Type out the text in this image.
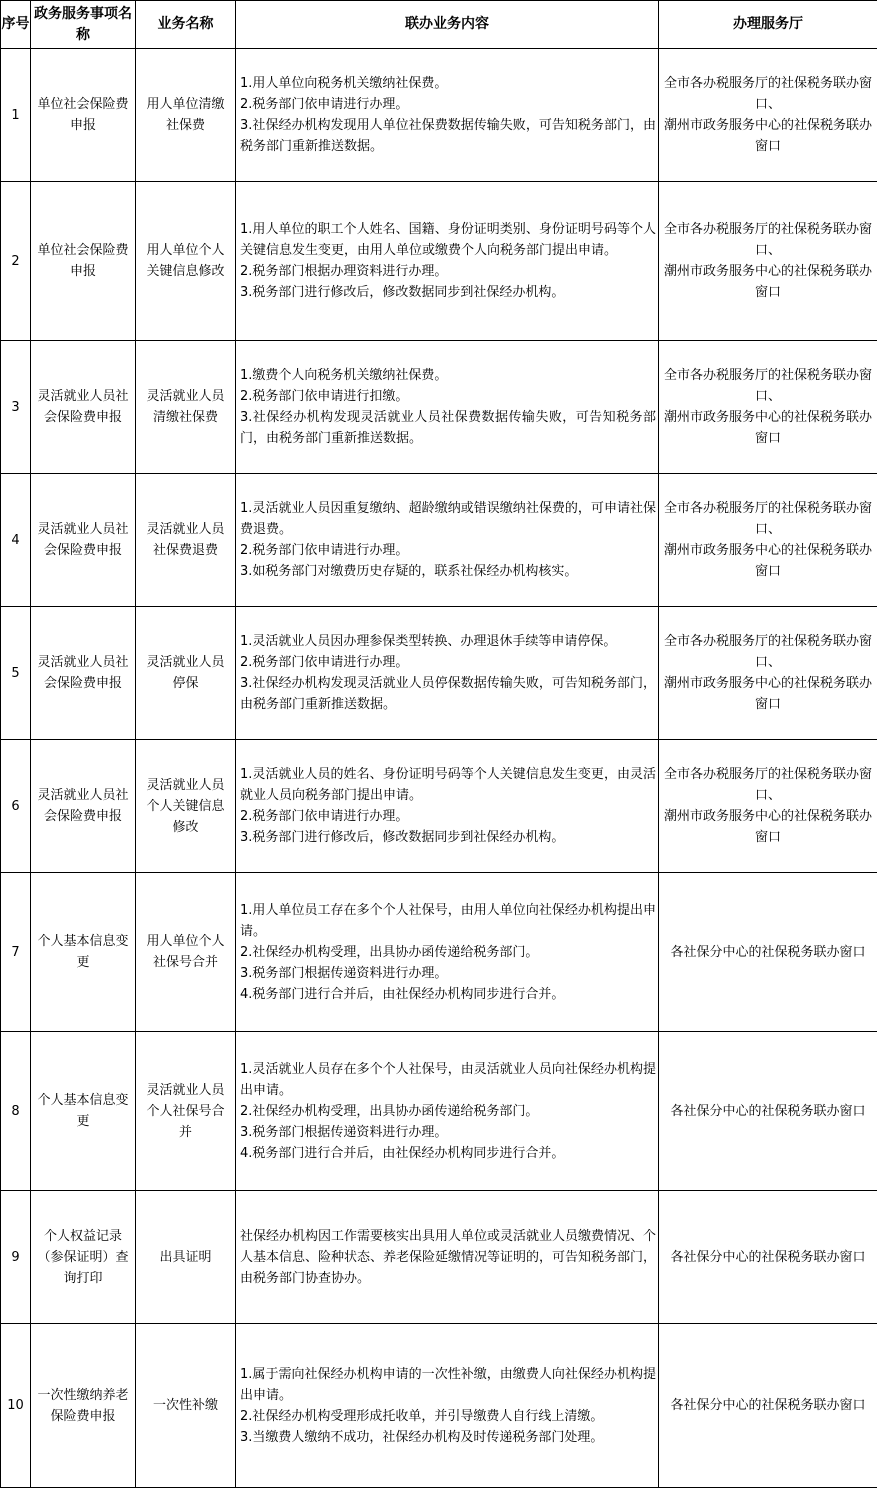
序号	政务服务事项名称	业务名称	联办业务内容	办理服务厅
1	单位社会保险费申报	用人单位清缴社保费	1.用人单位向税务机关缴纳社保费。
2.税务部门依申请进行办理。
3.社保经办机构发现用人单位社保费数据传输失败，可告知税务部门，由税务部门重新推送数据。	全市各办税服务厅的社保税务联办窗口、
潮州市政务服务中心的社保税务联办窗口

2	单位社会保险费申报	用人单位个人关键信息修改	1.用人单位的职工个人姓名、国籍、身份证明类别、身份证明号码等个人关键信息发生变更，由用人单位或缴费个人向税务部门提出申请。
2.税务部门根据办理资料进行办理。
3.税务部门进行修改后，修改数据同步到社保经办机构。	全市各办税服务厅的社保税务联办窗口、
潮州市政务服务中心的社保税务联办窗口

3	灵活就业人员社会保险费申报	灵活就业人员清缴社保费	1.缴费个人向税务机关缴纳社保费。
2.税务部门依申请进行扣缴。
3.社保经办机构发现灵活就业人员社保费数据传输失败，可告知税务部门，由税务部门重新推送数据。	全市各办税服务厅的社保税务联办窗口、
潮州市政务服务中心的社保税务联办窗口

4	灵活就业人员社会保险费申报	灵活就业人员社保费退费	1.灵活就业人员因重复缴纳、超龄缴纳或错误缴纳社保费的，可申请社保费退费。
2.税务部门依申请进行办理。
3.如税务部门对缴费历史存疑的，联系社保经办机构核实。	全市各办税服务厅的社保税务联办窗口、
潮州市政务服务中心的社保税务联办窗口

5	灵活就业人员社会保险费申报	灵活就业人员停保	1.灵活就业人员因办理参保类型转换、办理退休手续等申请停保。
2.税务部门依申请进行办理。
3.社保经办机构发现灵活就业人员停保数据传输失败，可告知税务部门，由税务部门重新推送数据。	全市各办税服务厅的社保税务联办窗口、
潮州市政务服务中心的社保税务联办窗口

6	灵活就业人员社会保险费申报	灵活就业人员个人关键信息修改	1.灵活就业人员的姓名、身份证明号码等个人关键信息发生变更，由灵活就业人员向税务部门提出申请。
2.税务部门依申请进行办理。
3.税务部门进行修改后，修改数据同步到社保经办机构。	全市各办税服务厅的社保税务联办窗口、
潮州市政务服务中心的社保税务联办窗口

7	个人基本信息变更	用人单位个人社保号合并	1.用人单位员工存在多个个人社保号，由用人单位向社保经办机构提出申请。
2.社保经办机构受理，出具协办函传递给税务部门。
3.税务部门根据传递资料进行办理。
4.税务部门进行合并后，由社保经办机构同步进行合并。	各社保分中心的社保税务联办窗口

8	个人基本信息变更	灵活就业人员个人社保号合并	1.灵活就业人员存在多个个人社保号，由灵活就业人员向社保经办机构提出申请。
2.社保经办机构受理，出具协办函传递给税务部门。
3.税务部门根据传递资料进行办理。
4.税务部门进行合并后，由社保经办机构同步进行合并。	各社保分中心的社保税务联办窗口

9	个人权益记录（参保证明）查询打印	出具证明	社保经办机构因工作需要核实出具用人单位或灵活就业人员缴费情况、个人基本信息、险种状态、养老保险延缴情况等证明的，可告知税务部门，由税务部门协查协办。	各社保分中心的社保税务联办窗口

10	一次性缴纳养老保险费申报	一次性补缴	1.属于需向社保经办机构申请的一次性补缴，由缴费人向社保经办机构提出申请。
2.社保经办机构受理形成托收单，并引导缴费人自行线上清缴。
3.当缴费人缴纳不成功，社保经办机构及时传递税务部门处理。	各社保分中心的社保税务联办窗口
